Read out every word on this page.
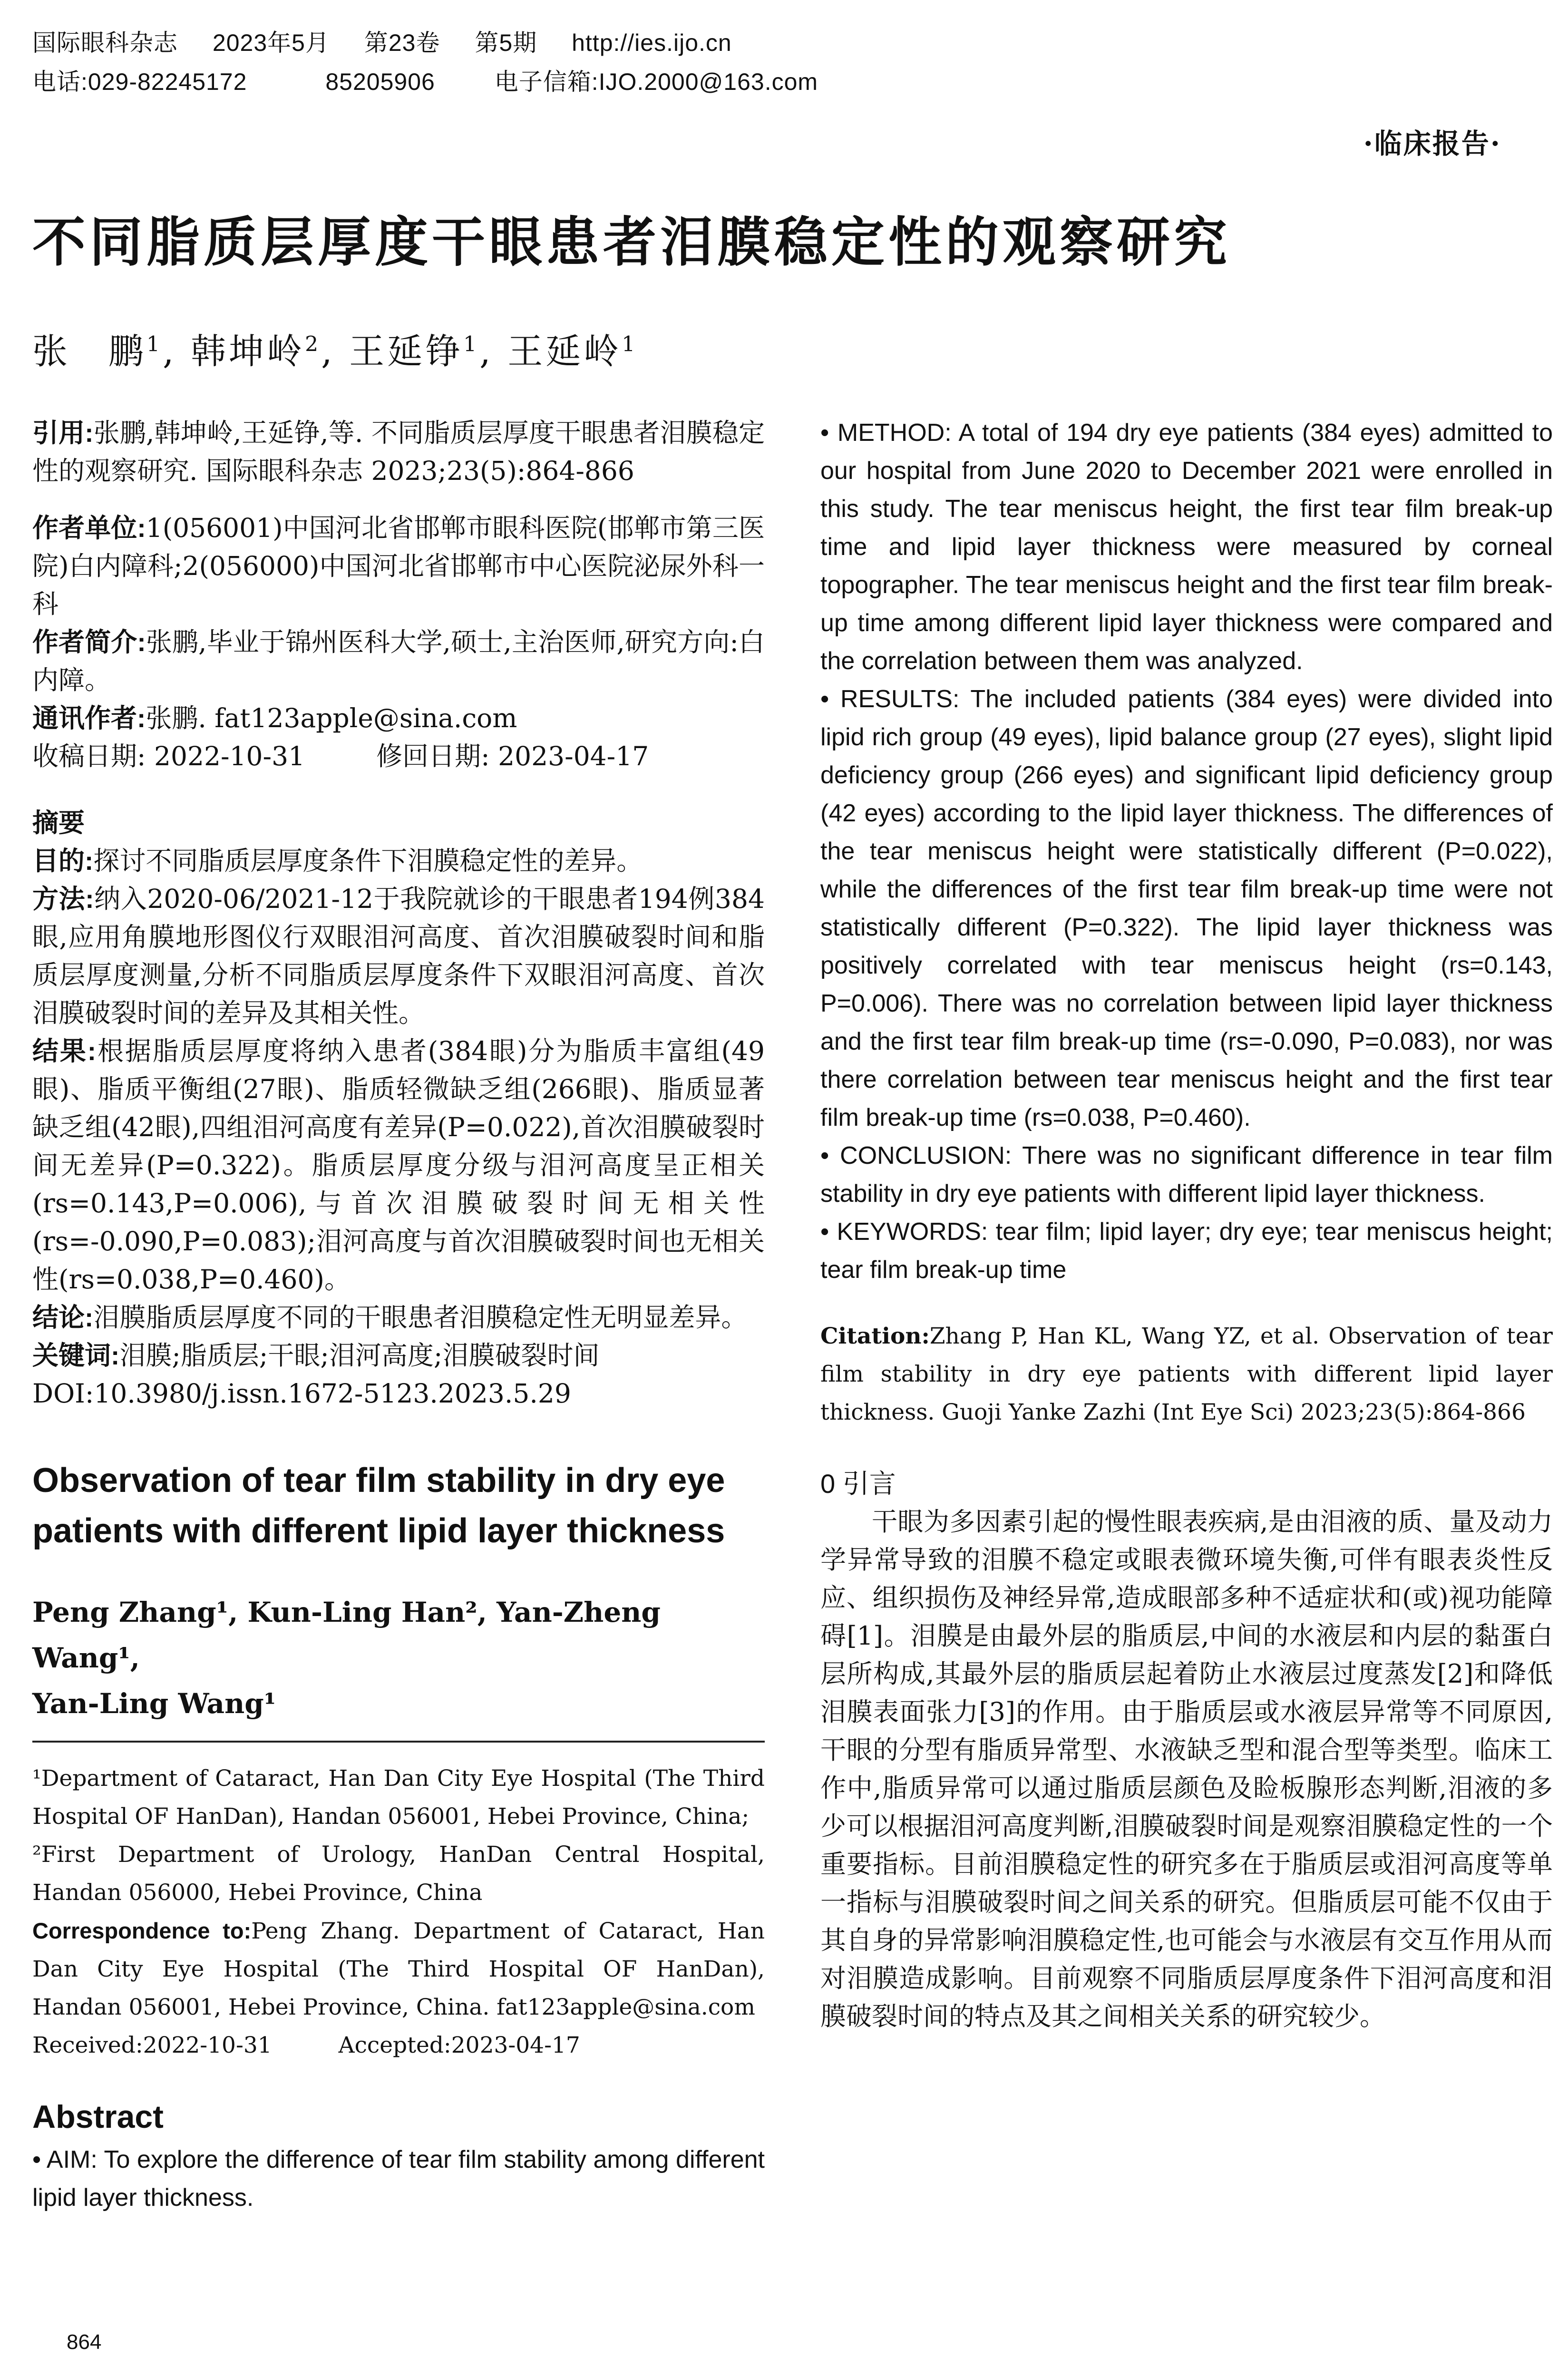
国际眼科杂志 2023年5月 第23卷 第5期 http://ies.ijo.cn
电话:029-82245172	85205906 电子信箱:IJO.2000@163.com
·临床报告·
不同脂质层厚度干眼患者泪膜稳定性的观察研究
张　鹏$^1$, 韩坤岭$^2$, 王延铮$^1$, 王延岭$^1$

引用:张鹏,韩坤岭,王延铮,等. 不同脂质层厚度干眼患者泪膜稳定性的观察研究. 国际眼科杂志 2023;23(5):864-866

作者单位:1(056001)中国河北省邯郸市眼科医院(邯郸市第三医院)白内障科;2(056000)中国河北省邯郸市中心医院泌尿外科一科

作者简介:张鹏,毕业于锦州医科大学,硕士,主治医师,研究方向:白内障。

通讯作者:张鹏. fat123apple@sina.com

收稿日期: 2022-10-31	修回日期: 2023-04-17

摘要

目的:探讨不同脂质层厚度条件下泪膜稳定性的差异。

方法:纳入2020-06/2021-12于我院就诊的干眼患者194例384眼,应用角膜地形图仪行双眼泪河高度、首次泪膜破裂时间和脂质层厚度测量,分析不同脂质层厚度条件下双眼泪河高度、首次泪膜破裂时间的差异及其相关性。

结果:根据脂质层厚度将纳入患者(384眼)分为脂质丰富组(49眼)、脂质平衡组(27眼)、脂质轻微缺乏组(266眼)、脂质显著缺乏组(42眼),四组泪河高度有差异(P=0.022),首次泪膜破裂时间无差异(P=0.322)。脂质层厚度分级与泪河高度呈正相关(rs=0.143,P=0.006),与首次泪膜破裂时间无相关性(rs=-0.090,P=0.083);泪河高度与首次泪膜破裂时间也无相关性(rs=0.038,P=0.460)。

结论:泪膜脂质层厚度不同的干眼患者泪膜稳定性无明显差异。

关键词:泪膜;脂质层;干眼;泪河高度;泪膜破裂时间

DOI:10.3980/j.issn.1672-5123.2023.5.29

Observation of tear film stability in dry eye patients with different lipid layer thickness

Peng Zhang¹, Kun-Ling Han², Yan-Zheng Wang¹,

Yan-Ling Wang¹

¹Department of Cataract, Han Dan City Eye Hospital (The Third Hospital OF HanDan), Handan 056001, Hebei Province, China;

²First Department of Urology, HanDan Central Hospital, Handan 056000, Hebei Province, China

Correspondence to:Peng Zhang. Department of Cataract, Han Dan City Eye Hospital (The Third Hospital OF HanDan), Handan 056001, Hebei Province, China. fat123apple@sina.com

Received:2022-10-31	Accepted:2023-04-17

Abstract

• AIM: To explore the difference of tear film stability among different lipid layer thickness.

• METHOD: A total of 194 dry eye patients (384 eyes) admitted to our hospital from June 2020 to December 2021 were enrolled in this study. The tear meniscus height, the first tear film break-up time and lipid layer thickness were measured by corneal topographer. The tear meniscus height and the first tear film break-up time among different lipid layer thickness were compared and the correlation between them was analyzed.

• RESULTS: The included patients (384 eyes) were divided into lipid rich group (49 eyes), lipid balance group (27 eyes), slight lipid deficiency group (266 eyes) and significant lipid deficiency group (42 eyes) according to the lipid layer thickness. The differences of the tear meniscus height were statistically different (P=0.022), while the differences of the first tear film break-up time were not statistically different (P=0.322). The lipid layer thickness was positively correlated with tear meniscus height (rs=0.143, P=0.006). There was no correlation between lipid layer thickness and the first tear film break-up time (rs=-0.090, P=0.083), nor was there correlation between tear meniscus height and the first tear film break-up time (rs=0.038, P=0.460).

• CONCLUSION: There was no significant difference in tear film stability in dry eye patients with different lipid layer thickness.

• KEYWORDS: tear film; lipid layer; dry eye; tear meniscus height; tear film break-up time

Citation:Zhang P, Han KL, Wang YZ, et al. Observation of tear film stability in dry eye patients with different lipid layer thickness. Guoji Yanke Zazhi (Int Eye Sci) 2023;23(5):864-866

0 引言

干眼为多因素引起的慢性眼表疾病,是由泪液的质、量及动力学异常导致的泪膜不稳定或眼表微环境失衡,可伴有眼表炎性反应、组织损伤及神经异常,造成眼部多种不适症状和(或)视功能障碍[1]。泪膜是由最外层的脂质层,中间的水液层和内层的黏蛋白层所构成,其最外层的脂质层起着防止水液层过度蒸发[2]和降低泪膜表面张力[3]的作用。由于脂质层或水液层异常等不同原因,干眼的分型有脂质异常型、水液缺乏型和混合型等类型。临床工作中,脂质异常可以通过脂质层颜色及睑板腺形态判断,泪液的多少可以根据泪河高度判断,泪膜破裂时间是观察泪膜稳定性的一个重要指标。目前泪膜稳定性的研究多在于脂质层或泪河高度等单一指标与泪膜破裂时间之间关系的研究。但脂质层可能不仅由于其自身的异常影响泪膜稳定性,也可能会与水液层有交互作用从而对泪膜造成影响。目前观察不同脂质层厚度条件下泪河高度和泪膜破裂时间的特点及其之间相关关系的研究较少。

864
